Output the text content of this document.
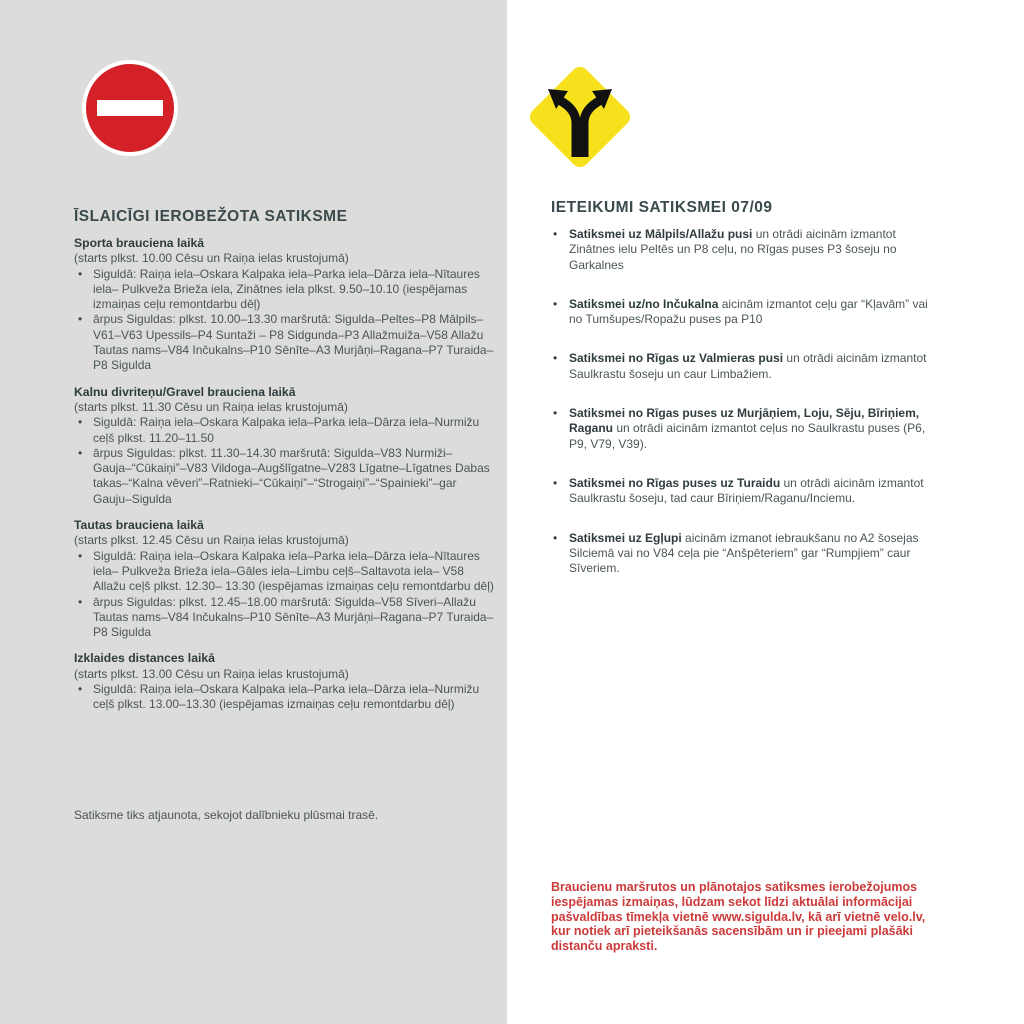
ĪSLAICĪGI IEROBEŽOTA SATIKSME
Sporta brauciena laikā
(starts plkst. 10.00 Cēsu un Raiņa ielas krustojumā)
• Siguldā: Raiņa iela–Oskara Kalpaka iela–Parka iela–Dārza iela–Nītaures iela– Pulkveža Brieža iela, Zinātnes iela plkst. 9.50–10.10 (iespējamas izmaiņas ceļu remontdarbu dēļ)
• ārpus Siguldas: plkst. 10.00–13.30 maršrutā: Sigulda–Peltes–P8 Mālpils–V61–V63 Upessils–P4 Suntaži – P8 Sidgunda–P3 Allažmuiža–V58 Allažu Tautas nams–V84 Inčukalns–P10 Sēnīte–A3 Murjāņi–Ragana–P7 Turaida–P8 Sigulda
Kalnu divriteņu/Gravel brauciena laikā
(starts plkst. 11.30 Cēsu un Raiņa ielas krustojumā)
• Siguldā: Raiņa iela–Oskara Kalpaka iela–Parka iela–Dārza iela–Nurmižu ceļš plkst. 11.20–11.50
• ārpus Siguldas: plkst. 11.30–14.30 maršrutā: Sigulda–V83 Nurmiži–Gauja–“Cūkaiņi”–V83 Vildoga–Augšlīgatne–V283 Līgatne–Līgatnes Dabas takas–“Kalna vēveri”–Ratnieki–“Cūkaiņi”–“Strogaiņi”–“Spainieki”–gar Gauju–Sigulda
Tautas brauciena laikā
(starts plkst. 12.45 Cēsu un Raiņa ielas krustojumā)
• Siguldā: Raiņa iela–Oskara Kalpaka iela–Parka iela–Dārza iela–Nītaures iela– Pulkveža Brieža iela–Gāles iela–Limbu ceļš–Saltavota iela– V58 Allažu ceļš plkst. 12.30– 13.30 (iespējamas izmaiņas ceļu remontdarbu dēļ)
• ārpus Siguldas: plkst. 12.45–18.00 maršrutā: Sigulda–V58 Sīveri–Allažu Tautas nams–V84 Inčukalns–P10 Sēnīte–A3 Murjāņi–Ragana–P7 Turaida–P8 Sigulda
Izklaides distances laikā
(starts plkst. 13.00 Cēsu un Raiņa ielas krustojumā)
• Siguldā: Raiņa iela–Oskara Kalpaka iela–Parka iela–Dārza iela–Nurmižu ceļš plkst. 13.00–13.30 (iespējamas izmaiņas ceļu remontdarbu dēļ)
Satiksme tiks atjaunota, sekojot dalībnieku plūsmai trasē.
IETEIKUMI SATIKSMEI 07/09
• Satiksmei uz Mālpils/Allažu pusi un otrādi aicinām izmantot Zinātnes ielu Peltēs un P8 ceļu, no Rīgas puses P3 šoseju no Garkalnes
• Satiksmei uz/no Inčukalna aicinām izmantot ceļu gar “Kļavām” vai no Tumšupes/Ropažu puses pa P10
• Satiksmei no Rīgas uz Valmieras pusi un otrādi aicinām izmantot Saulkrastu šoseju un caur Limbažiem.
• Satiksmei no Rīgas puses uz Murjāņiem, Loju, Sēju, Bīriņiem, Raganu un otrādi aicinām izmantot ceļus no Saulkrastu puses (P6, P9, V79, V39).
• Satiksmei no Rīgas puses uz Turaidu un otrādi aicinām izmantot Saulkrastu šoseju, tad caur Bīriņiem/Raganu/Inciemu.
• Satiksmei uz Egļupi aicinām izmanot iebraukšanu no A2 šosejas Silciemā vai no V84 ceļa pie “Anšpēteriem” gar “Rumpjiem” caur Sīveriem.
Braucienu maršrutos un plānotajos satiksmes ierobežojumos iespējamas izmaiņas, lūdzam sekot līdzi aktuālai informācijai pašvaldības tīmekļa vietnē www.sigulda.lv, kā arī vietnē velo.lv, kur notiek arī pieteikšanās sacensībām un ir pieejami plašāki distanču apraksti.
